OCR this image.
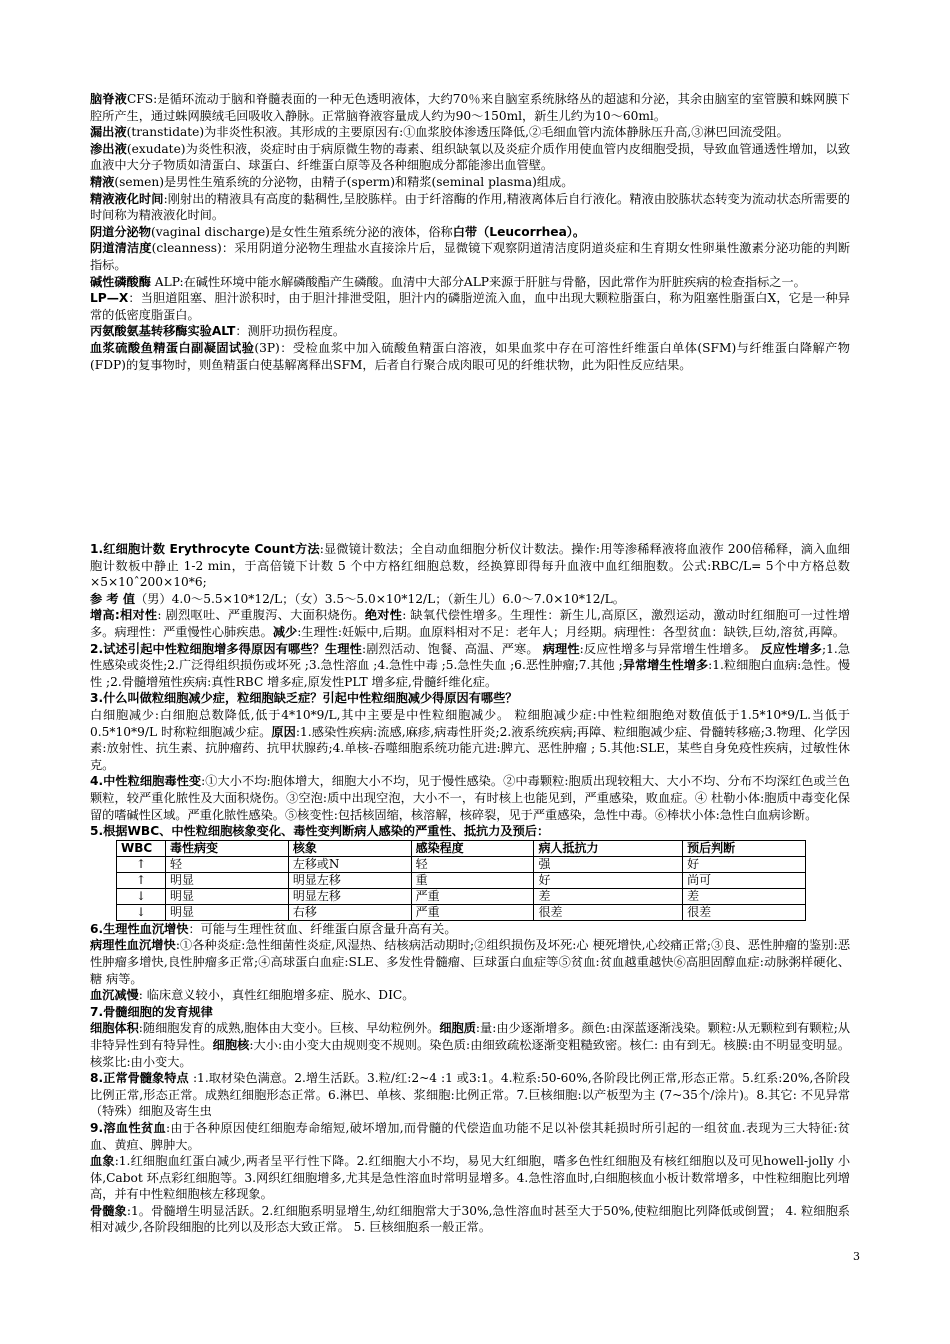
脑脊液CFS:是循环流动于脑和脊髓表面的一种无色透明液体，大约70％来自脑室系统脉络丛的超滤和分泌，其余由脑室的室管膜和蛛网膜下腔所产生，通过蛛网膜绒毛回吸收入静脉。正常脑脊液容量成人约为90～150ml，新生儿约为10～60ml。

漏出液(transtidate)为非炎性积液。其形成的主要原因有:①血浆胶体渗透压降低,②毛细血管内流体静脉压升高,③淋巴回流受阻。

渗出液(exudate)为炎性积液，炎症时由于病原微生物的毒素、组织缺氧以及炎症介质作用使血管内皮细胞受损，导致血管通透性增加，以致血液中大分子物质如清蛋白、球蛋白、纤维蛋白原等及各种细胞成分都能渗出血管壁。

精液(semen)是男性生殖系统的分泌物，由精子(sperm)和精浆(seminal plasma)组成。

精液液化时间:刚射出的精液具有高度的黏稠性,呈胶胨样。由于纤溶酶的作用,精液离体后自行液化。精液由胶胨状态转变为流动状态所需要的时间称为精液液化时间。

阴道分泌物(vaginal discharge)是女性生殖系统分泌的液体，俗称白带（Leucorrhea）。

阴道清洁度(cleanness)：采用阴道分泌物生理盐水直接涂片后，显微镜下观察阴道清洁度阴道炎症和生育期女性卵巢性激素分泌功能的判断指标。

碱性磷酸酶 ALP:在碱性环境中能水解磷酸酯产生磷酸。血清中大部分ALP来源于肝脏与骨骼，因此常作为肝脏疾病的检查指标之一。

LP—X：当胆道阻塞、胆汁淤积时，由于胆汁排泄受阻，胆汁内的磷脂逆流入血，血中出现大颗粒脂蛋白，称为阻塞性脂蛋白Ⅹ，它是一种异常的低密度脂蛋白。

丙氨酸氨基转移酶实验ALT：测肝功损伤程度。

血浆硫酸鱼精蛋白副凝固试验(3P)：受检血浆中加入硫酸鱼精蛋白溶液，如果血浆中存在可溶性纤维蛋白单体(SFM)与纤维蛋白降解产物(FDP)的复事物时，则鱼精蛋白使基解离释出SFM，后者自行聚合成肉眼可见的纤维状物，此为阳性反应结果。

1.红细胞计数 Erythrocyte Count方法:显微镜计数法；全自动血细胞分析仪计数法。操作:用等渗稀释液将血液作 200倍稀释，滴入血细胞计数板中静止 1-2 min，于高倍镜下计数 5 个中方格红细胞总数，经换算即得每升血液中血红细胞数。公式:RBC/L= 5个中方格总数×5×10ˆ200×10*6;

参 考 值（男）4.0～5.5×10*12/L；（女）3.5～5.0×10*12/L；（新生儿）6.0～7.0×10*12/L。

增高:相对性: 剧烈呕吐、严重腹泻、大面积烧伤。绝对性: 缺氧代偿性增多。生理性：新生儿,高原区，激烈运动，激动时红细胞可一过性增多。病理性：严重慢性心肺疾患。减少:生理性:妊娠中,后期。血原料相对不足：老年人；月经期。病理性：各型贫血：缺铁,巨幼,溶贫,再障。

2.试述引起中性粒细胞增多得原因有哪些？生理性:剧烈活动、饱餐、高温、严寒。 病理性:反应性增多与异常增生性增多。 反应性增多;1.急性感染或炎性;2.广泛得组织损伤或坏死 ;3.急性溶血 ;4.急性中毒 ;5.急性失血 ;6.恶性肿瘤;7.其他 ;异常增生性增多:1.粒细胞白血病:急性。慢性 ;2.骨髓增殖性疾病:真性RBC 增多症,原发性PLT 增多症,骨髓纤维化症。

3.什么叫做粒细胞减少症，粒细胞缺乏症？引起中性粒细胞减少得原因有哪些？

白细胞减少:白细胞总数降低,低于4*10*9/L,其中主要是中性粒细胞减少。 粒细胞减少症:中性粒细胞绝对数值低于1.5*10*9/L.当低于0.5*10*9/L 时称粒细胞减少症。原因:1.感染性疾病:流感,麻疹,病毒性肝炎;2.液系统疾病;再障、粒细胞减少症、骨髓转移癌;3.物理、化学因素:放射性、抗生素、抗肿瘤药、抗甲状腺药;4.单核-吞噬细胞系统功能亢进:脾亢、恶性肿瘤 ; 5.其他:SLE，某些自身免疫性疾病，过敏性休克。

4.中性粒细胞毒性变:①大小不均:胞体增大，细胞大小不均，见于慢性感染。②中毒颗粒:胞质出现较粗大、大小不均、分布不均深红色或兰色颗粒，较严重化脓性及大面积烧伤。③空泡:质中出现空泡，大小不一，有时核上也能见到，严重感染，败血症。④ 杜勒小体:胞质中毒变化保留的嗜碱性区域。严重化脓性感染。⑤核变性:包括核固缩，核溶解，核碎裂，见于严重感染，急性中毒。⑥棒状小体:急性白血病诊断。

5.根据WBC、中性粒细胞核象变化、毒性变判断病人感染的严重性、抵抗力及预后：

WBC	毒性病变	核象	感染程度	病人抵抗力	预后判断
↑	轻	左移或N	轻	强	好
↑	明显	明显左移	重	好	尚可
↓	明显	明显左移	严重	差	差
↓	明显	右移	严重	很差	很差

6.生理性血沉增快：可能与生理性贫血、纤维蛋白原含量升高有关。

病理性血沉增快:①各种炎症:急性细菌性炎症,风湿热、结核病活动期时;②组织损伤及坏死:心 梗死增快,心绞痛正常;③良、恶性肿瘤的鉴别:恶性肿瘤多增快,良性肿瘤多正常;④高球蛋白血症:SLE、多发性骨髓瘤、巨球蛋白血症等⑤贫血:贫血越重越快⑥高胆固醇血症:动脉粥样硬化、糖 病等。

血沉减慢: 临床意义较小，真性红细胞增多症、脱水、DIC。

7.骨髓细胞的发育规律

细胞体积:随细胞发育的成熟,胞体由大变小。巨核、早幼粒例外。细胞质:量:由少逐渐增多。颜色:由深蓝逐渐浅染。颗粒:从无颗粒到有颗粒;从非特异性到有特异性。细胞核:大小:由小变大由规则变不规则。染色质:由细致疏松逐渐变粗糙致密。核仁: 由有到无。核膜:由不明显变明显。核浆比:由小变大。

8.正常骨髓象特点 :1.取材染色满意。2.增生活跃。3.粒/红:2~4 :1 或3:1。4.粒系:50-60%,各阶段比例正常,形态正常。5.红系:20%,各阶段比例正常,形态正常。成熟红细胞形态正常。6.淋巴、单核、浆细胞:比例正常。7.巨核细胞:以产板型为主 (7~35个/涂片)。8.其它: 不见异常（特殊）细胞及寄生虫

9.溶血性贫血:由于各种原因使红细胞寿命缩短,破坏增加,而骨髓的代偿造血功能不足以补偿其耗损时所引起的一组贫血.表现为三大特征:贫血、黄疸、脾肿大。

血象:1.红细胞血红蛋白减少,两者呈平行性下降。2.红细胞大小不均，易见大红细胞，嗜多色性红细胞及有核红细胞以及可见howell-jolly 小体,Cabot 环点彩红细胞等。3.网织红细胞增多,尤其是急性溶血时常明显增多。4.急性溶血时,白细胞核血小板计数常增多，中性粒细胞比列增高，并有中性粒细胞核左移现象。

骨髓象:1。骨髓增生明显活跃。2.红细胞系明显增生,幼红细胞常大于30%,急性溶血时甚至大于50%,使粒细胞比列降低或倒置； 4. 粒细胞系相对减少,各阶段细胞的比列以及形态大致正常。 5. 巨核细胞系一般正常。

3
